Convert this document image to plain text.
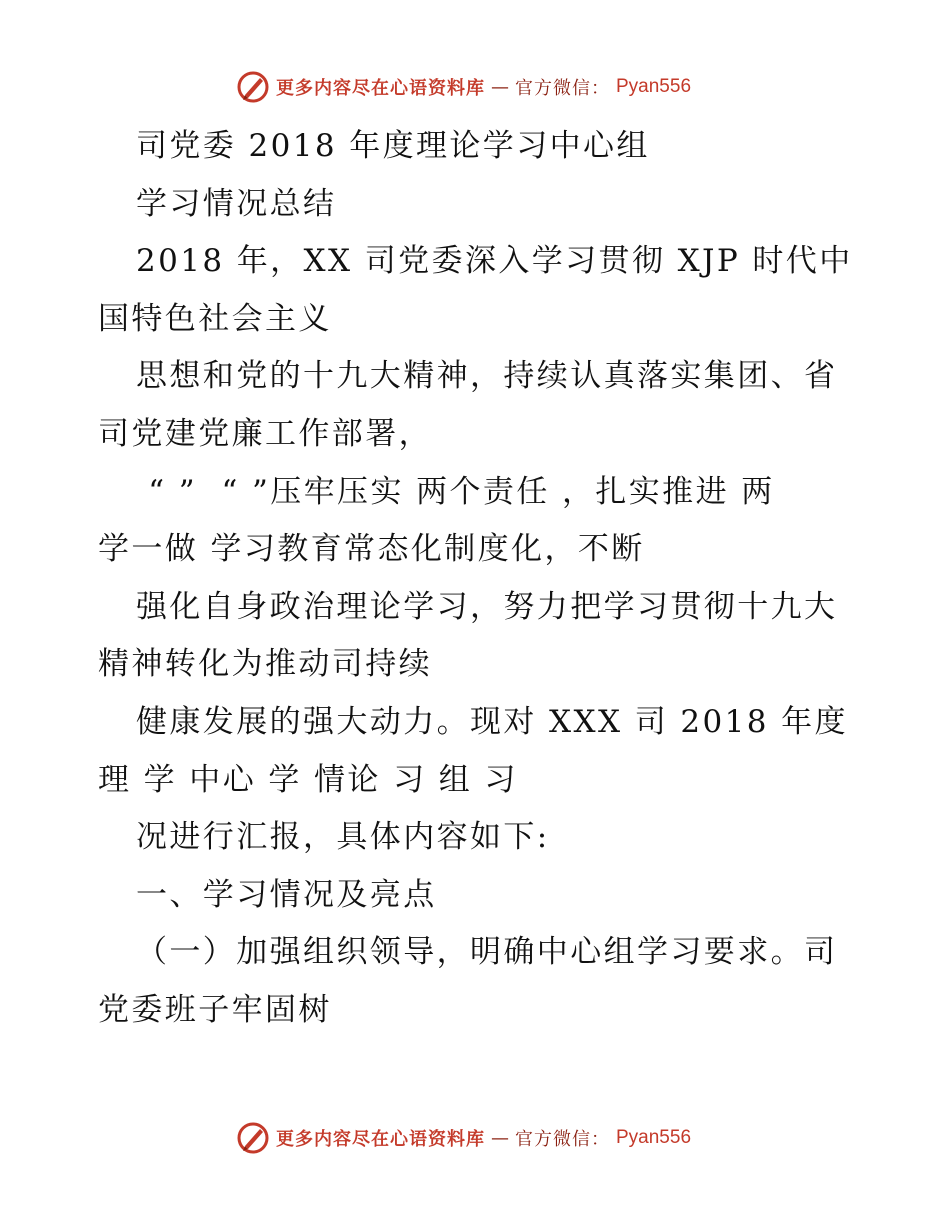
更多内容尽在心语资料库 — 官方微信： Pyan556
司党委 2018 年度理论学习中心组
学习情况总结
2018 年，XX 司党委深入学习贯彻 XJP 时代中
国特色社会主义
思想和党的十九大精神，持续认真落实集团、省
司党建党廉工作部署，
“ ”  “ ”压牢压实 两个责任 ，扎实推进 两
学一做 学习教育常态化制度化，不断
强化自身政治理论学习，努力把学习贯彻十九大
精神转化为推动司持续
健康发展的强大动力。现对 XXX 司 2018 年度
理 学 中心 学 情论 习 组 习
况进行汇报，具体内容如下:
一、学习情况及亮点
（一）加强组织领导，明确中心组学习要求。司
党委班子牢固树
更多内容尽在心语资料库 — 官方微信： Pyan556
